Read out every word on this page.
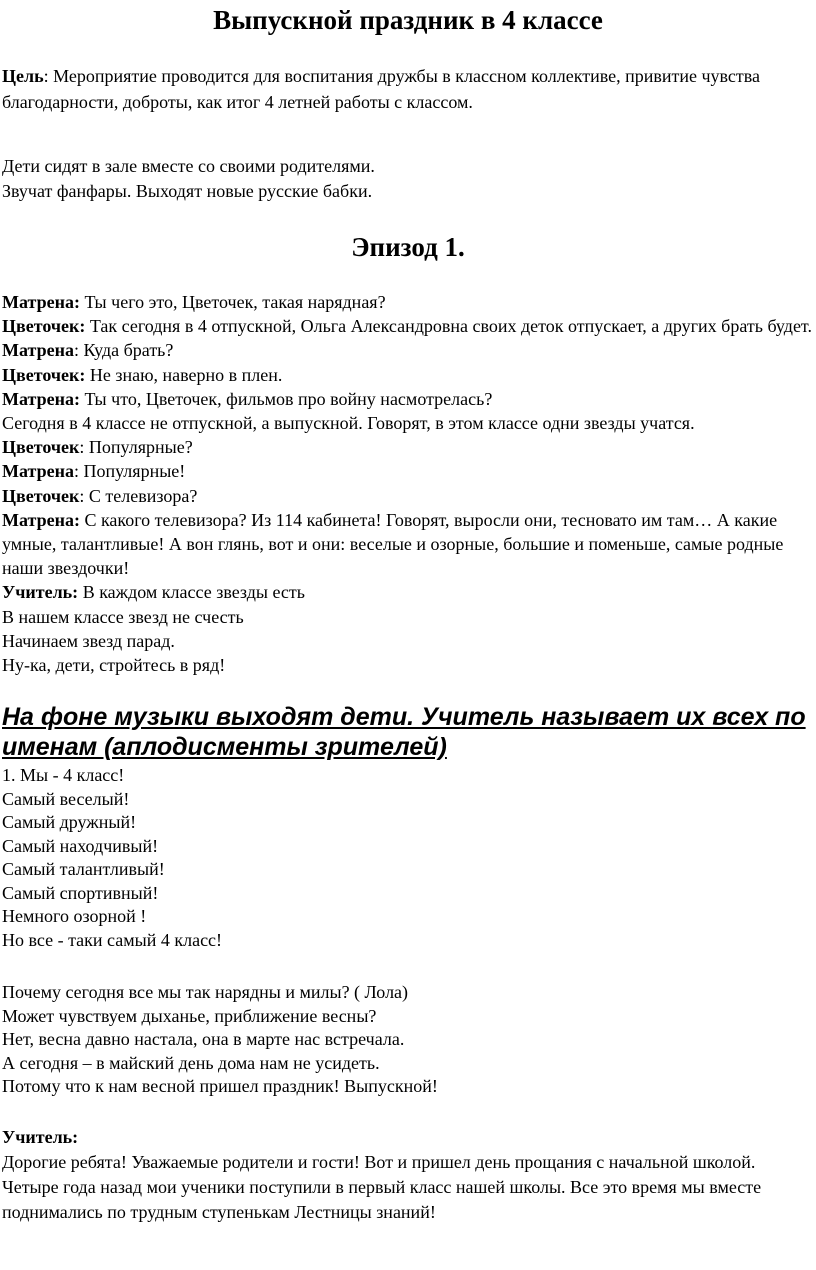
Выпускной праздник в 4 классе
Цель: Мероприятие проводится для воспитания дружбы в классном коллективе, привитие чувства благодарности, доброты, как итог 4 летней работы с классом.
Дети сидят в зале вместе со своими родителями.
Звучат фанфары. Выходят новые русские бабки.
Эпизод 1.
Матрена: Ты чего это, Цветочек, такая нарядная?
Цветочек: Так сегодня в 4 отпускной, Ольга Александровна своих деток отпускает, а других брать будет.
Матрена: Куда брать?
Цветочек: Не знаю, наверно в плен.
Матрена: Ты что, Цветочек, фильмов про войну насмотрелась?
Сегодня в 4 классе не отпускной, а выпускной. Говорят, в этом классе одни звезды учатся.
Цветочек: Популярные?
Матрена: Популярные!
Цветочек: С телевизора?
Матрена: С какого телевизора? Из 114 кабинета! Говорят, выросли они, тесновато им там… А какие умные, талантливые! А вон глянь, вот и они: веселые и озорные, большие и поменьше, самые родные наши звездочки!
Учитель: В каждом классе звезды есть
В нашем классе звезд не счесть
Начинаем звезд парад.
Ну-ка, дети, стройтесь в ряд!
На фоне музыки выходят дети. Учитель называет их всех по именам (аплодисменты зрителей)
1. Мы - 4 класс!
Самый веселый!
Самый дружный!
Самый находчивый!
Самый талантливый!
Самый спортивный!
Немного озорной !
Но все - таки самый 4 класс!
Почему сегодня все мы так нарядны и милы? ( Лола)
Может чувствуем дыханье, приближение весны?
Нет, весна давно настала, она в марте нас встречала.
А сегодня – в майский день дома нам не усидеть.
Потому что к нам весной пришел праздник! Выпускной!
Учитель:
Дорогие ребята! Уважаемые родители и гости! Вот и пришел день прощания с начальной школой. Четыре года назад мои ученики поступили в первый класс нашей школы. Все это время мы вместе поднимались по трудным ступенькам Лестницы знаний!
